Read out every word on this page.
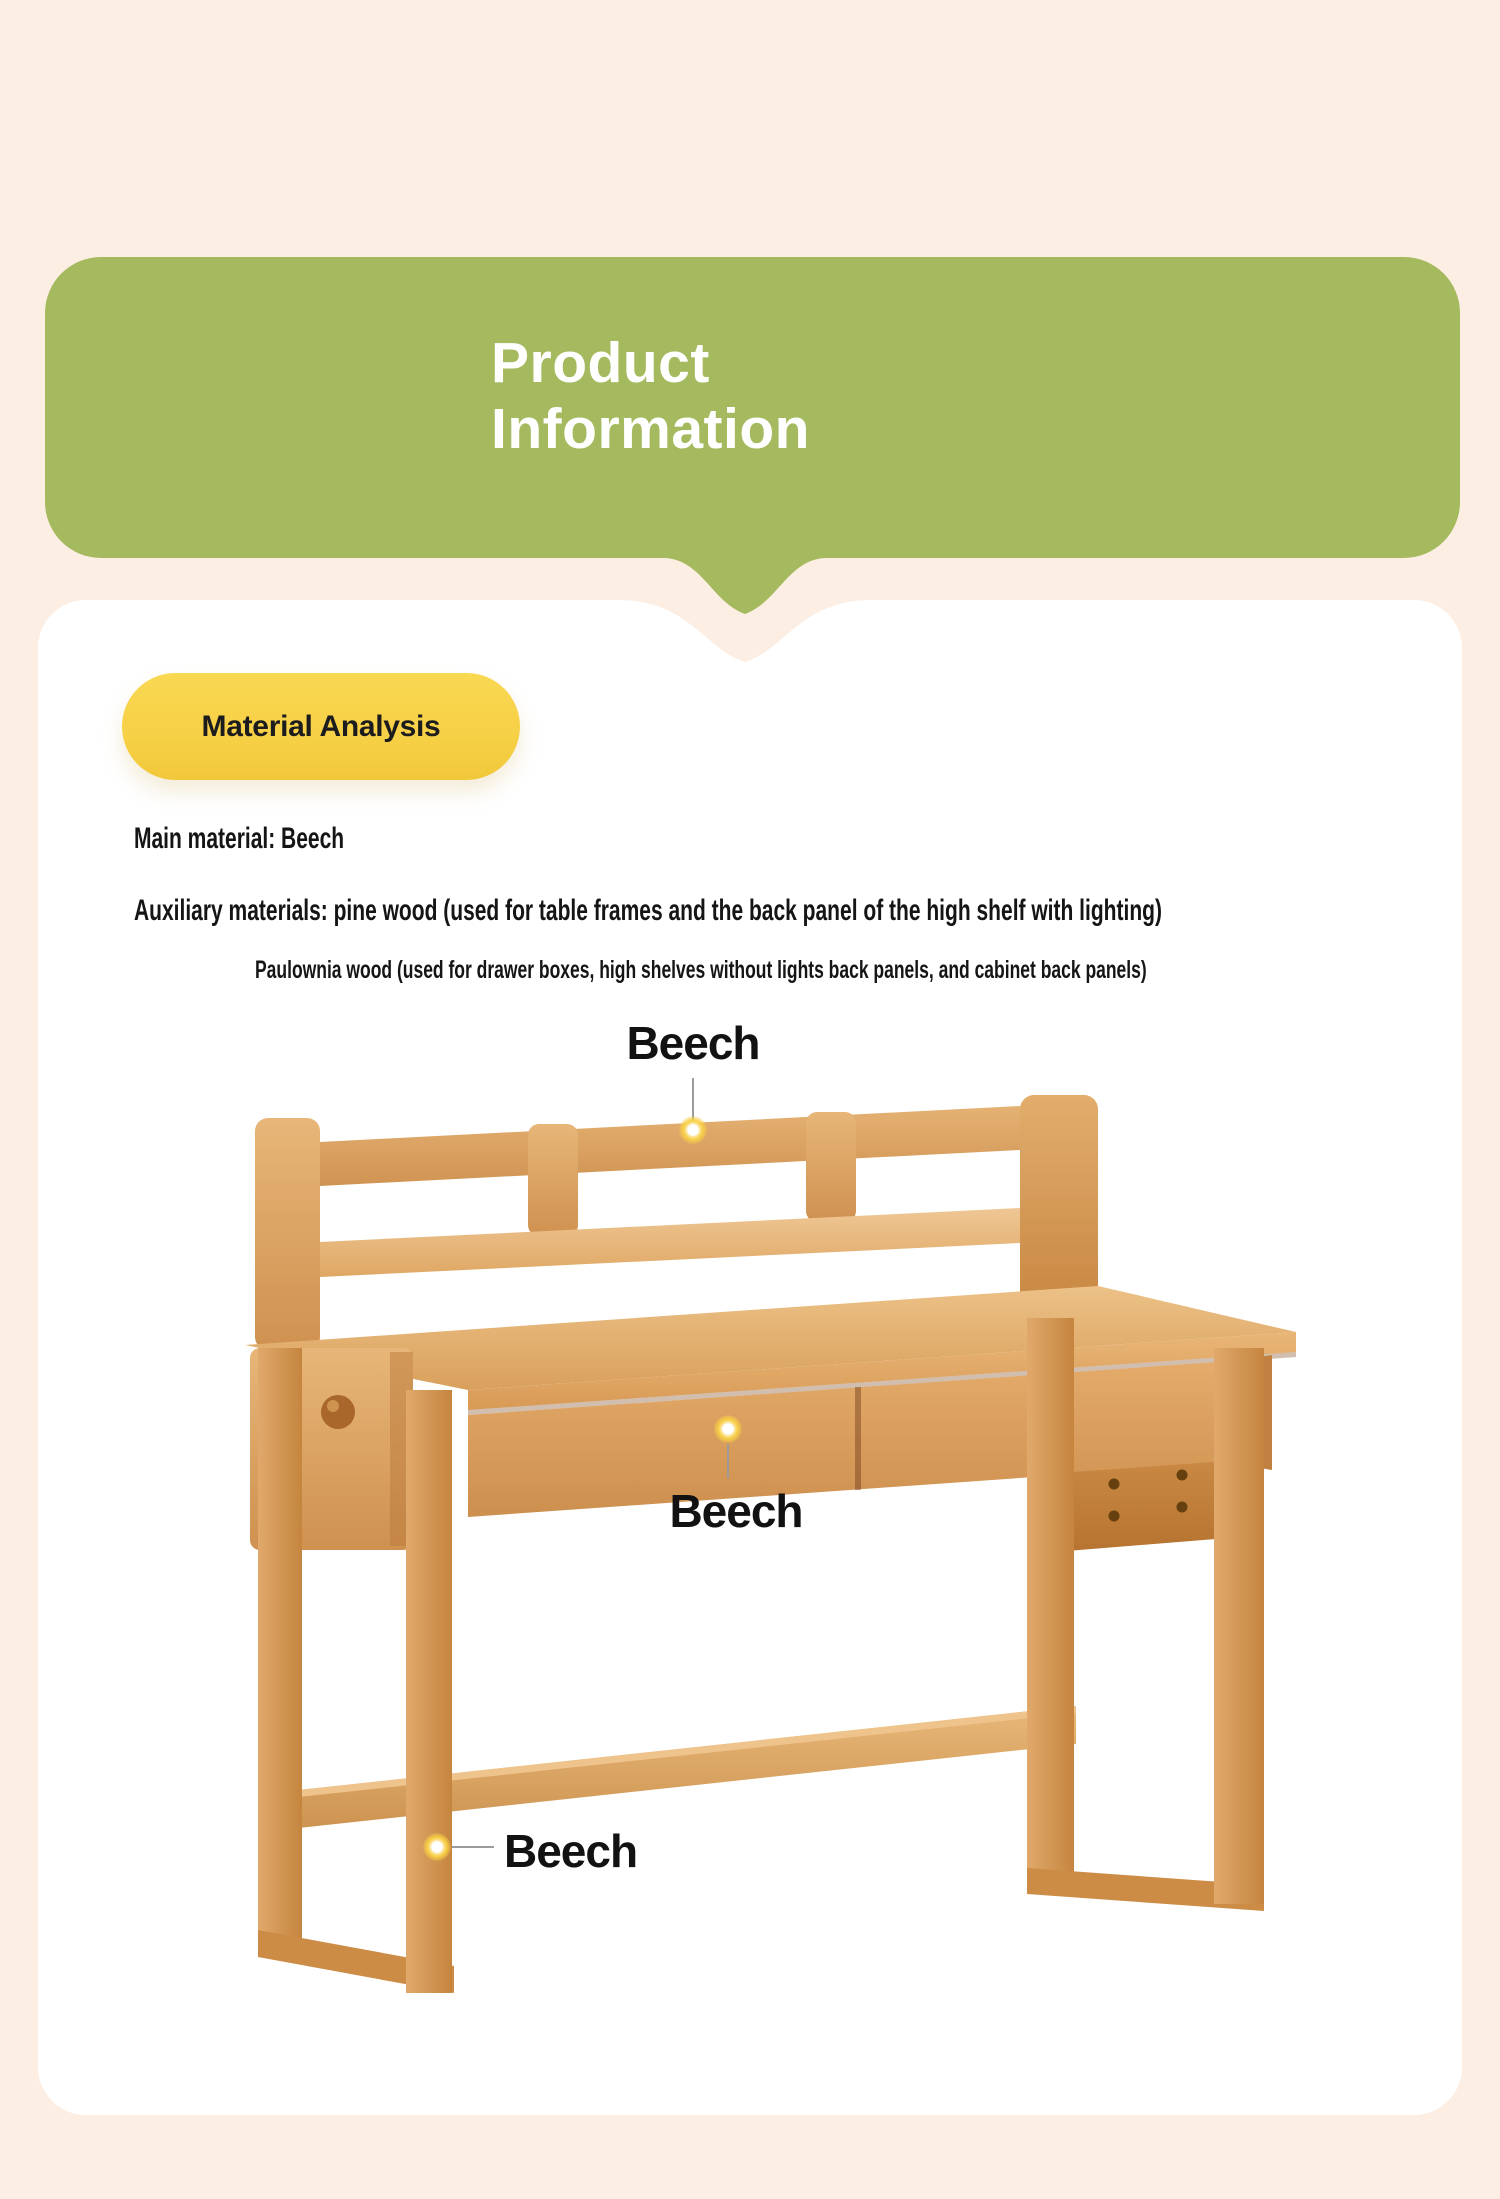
Product
Information
Material Analysis
Main material: Beech
Auxiliary materials: pine wood (used for table frames and the back panel of the high shelf with lighting)
Paulownia wood (used for drawer boxes, high shelves without lights back panels, and cabinet back panels)
Beech
Beech
Beech
